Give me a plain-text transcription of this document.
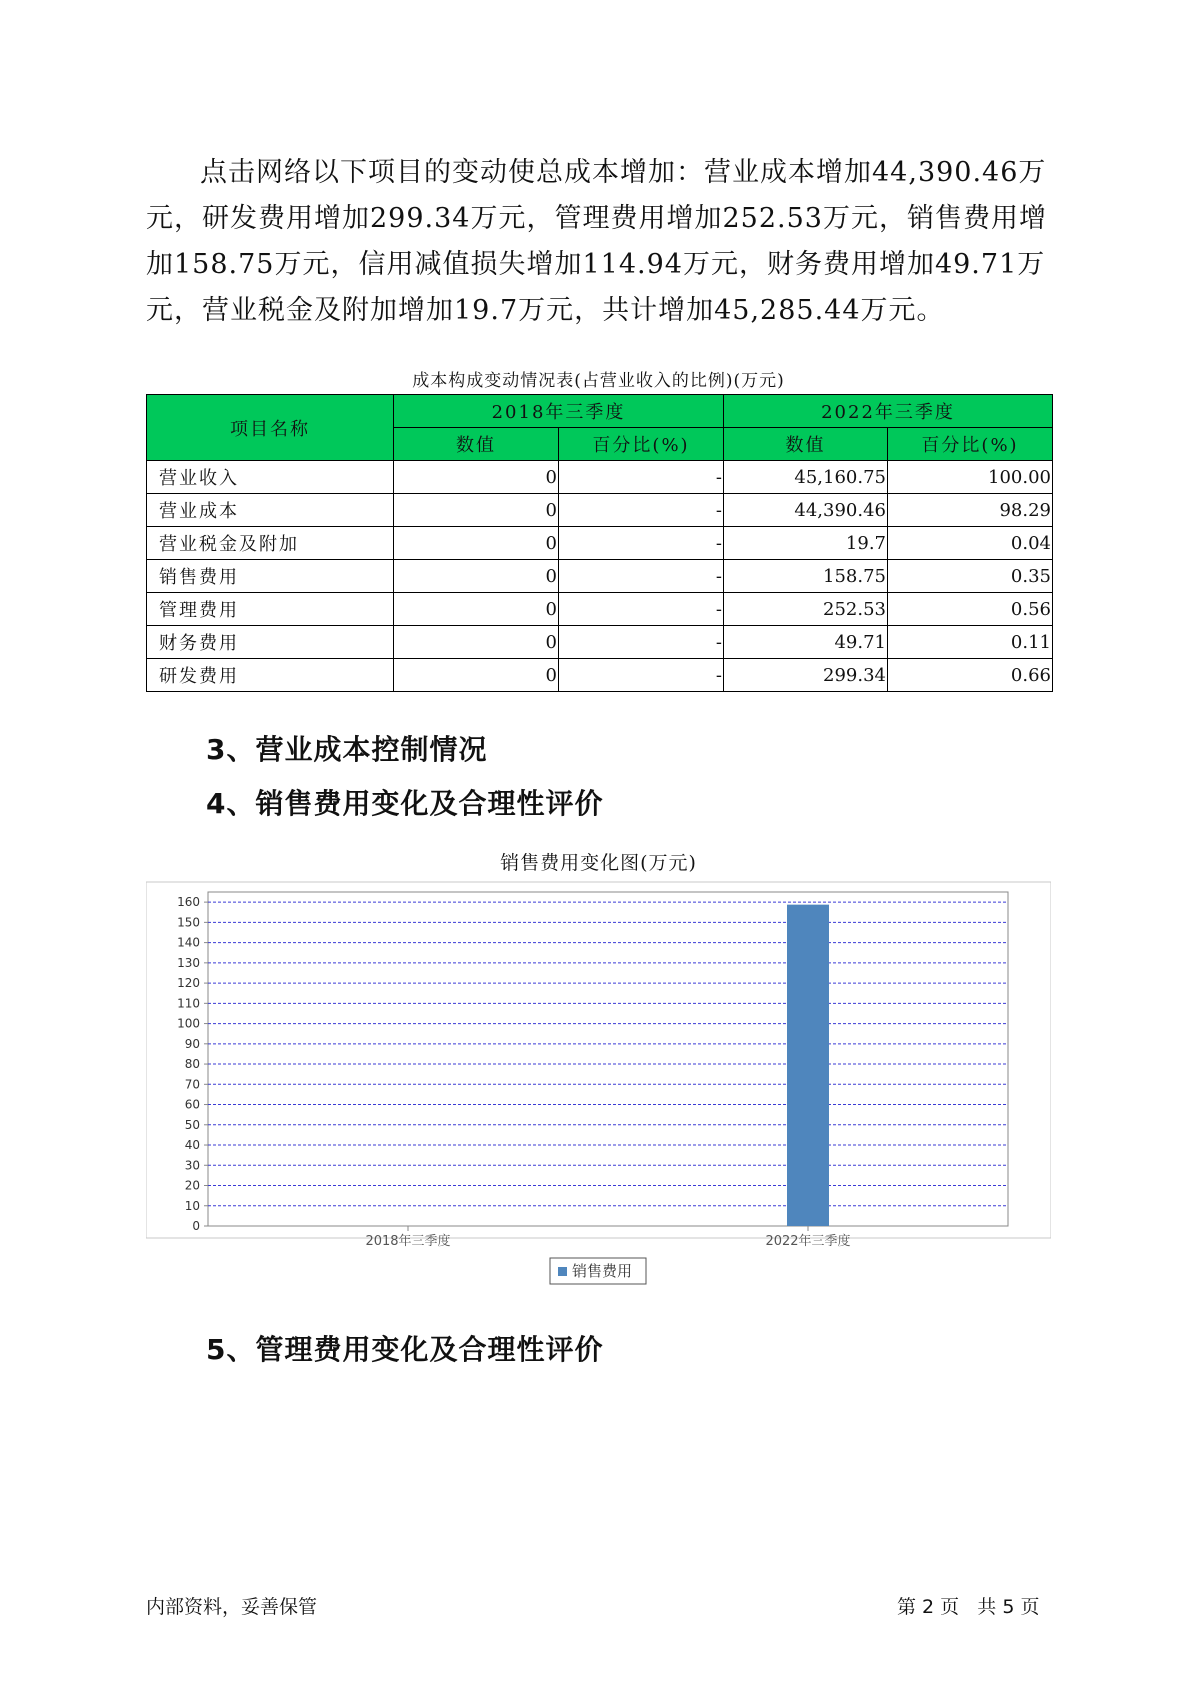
点击网络以下项目的变动使总成本增加：营业成本增加44,390.46万元，研发费用增加299.34万元，管理费用增加252.53万元，销售费用增加158.75万元，信用减值损失增加114.94万元，财务费用增加49.71万元，营业税金及附加增加19.7万元，共计增加45,285.44万元。

成本构成变动情况表(占营业收入的比例)(万元)
项目名称	2018年三季度		2022年三季度	
	数值	百分比(%)	数值	百分比(%)
营业收入	0	-	45,160.75	100.00
营业成本	0	-	44,390.46	98.29
营业税金及附加	0	-	19.7	0.04
销售费用	0	-	158.75	0.35
管理费用	0	-	252.53	0.56
财务费用	0	-	49.71	0.11
研发费用	0	-	299.34	0.66
3、营业成本控制情况
4、销售费用变化及合理性评价
销售费用变化图(万元)
0
10
20
30
40
50
60
70
80
90
100
110
120
130
140
150
160
2018年三季度	2022年三季度
销售费用
5、管理费用变化及合理性评价
内部资料，妥善保管	第 2 页   共 5 页
